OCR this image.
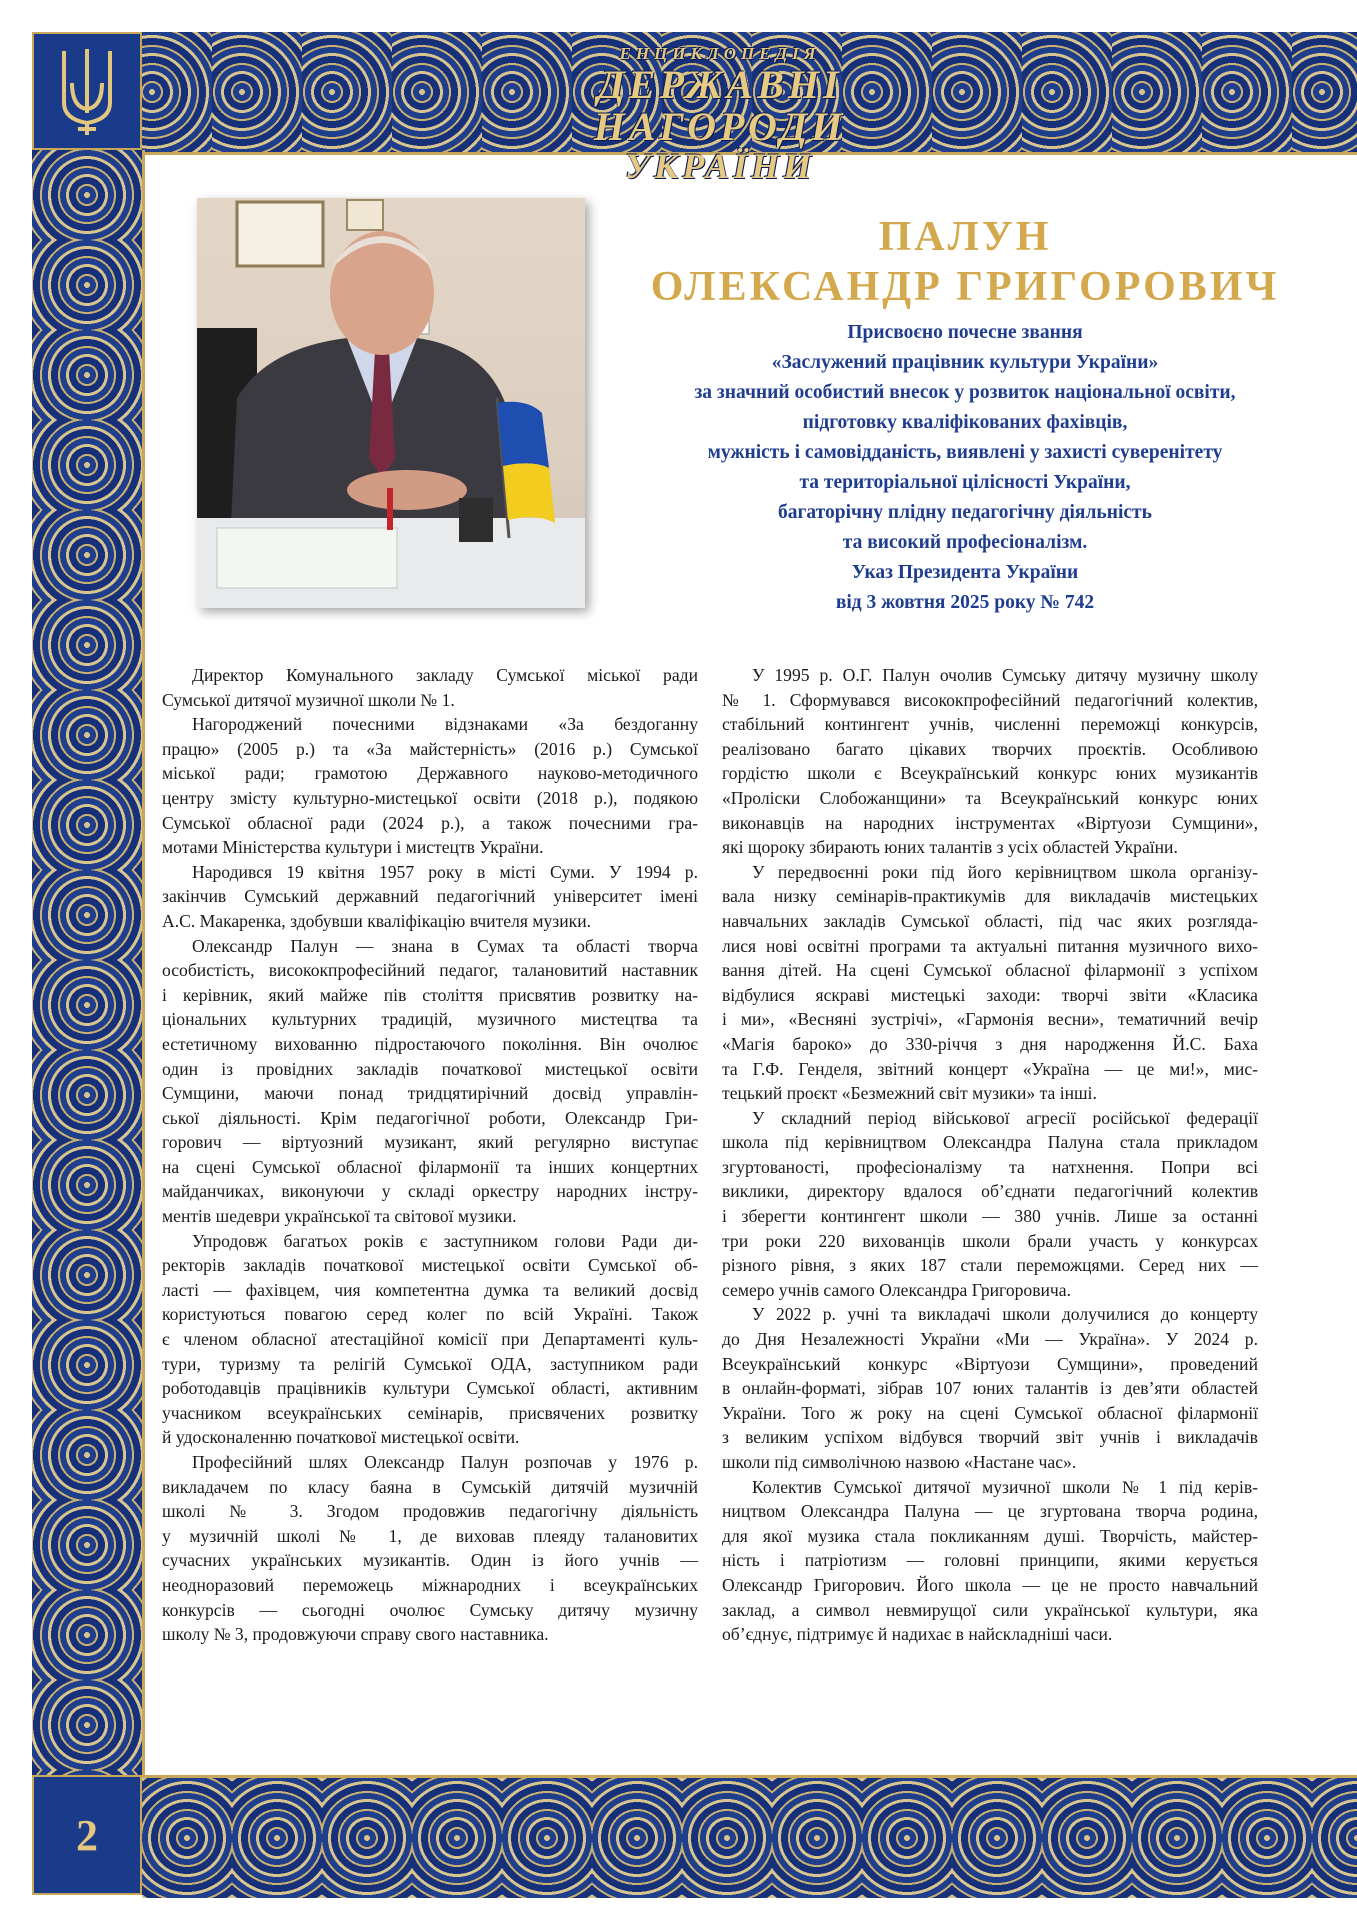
ЕНЦИКЛОПЕДІЯ
ДЕРЖАВНІ НАГОРОДИ
УКРАЇНИ
2
ПАЛУН
ОЛЕКСАНДР ГРИГОРОВИЧ
Присвоєно почесне звання
«Заслужений працівник культури України»
за значний особистий внесок у розвиток національної освіти,
підготовку кваліфікованих фахівців,
мужність і самовідданість, виявлені у захисті суверенітету
та територіальної цілісності України,
багаторічну плідну педагогічну діяльність
та високий професіоналізм.
Указ Президента України
від 3 жовтня 2025 року № 742
Директор Комунального закладу Сумської міської ради
Сумської дитячої музичної школи № 1.
Нагороджений почесними відзнаками «За бездоганну
працю» (2005 р.) та «За майстерність» (2016 р.) Сумської
міської ради; грамотою Державного науково-методичного
центру змісту культурно-мистецької освіти (2018 р.), подякою
Сумської обласної ради (2024 р.), а також почесними гра-
мотами Міністерства культури і мистецтв України.
Народився 19 квітня 1957 року в місті Суми. У 1994 р.
закінчив Сумський державний педагогічний університет імені
А.С. Макаренка, здобувши кваліфікацію вчителя музики.
Олександр Палун — знана в Сумах та області творча
особистість, висококпрофесійний педагог, талановитий наставник
і керівник, який майже пів століття присвятив розвитку на-
ціональних культурних традицій, музичного мистецтва та
естетичному вихованню підростаючого покоління. Він очолює
один із провідних закладів початкової мистецької освіти
Сумщини, маючи понад тридцятирічний досвід управлін-
ської діяльності. Крім педагогічної роботи, Олександр Гри-
горович — віртуозний музикант, який регулярно виступає
на сцені Сумської обласної філармонії та інших концертних
майданчиках, виконуючи у складі оркестру народних інстру-
ментів шедеври української та світової музики.
Упродовж багатьох років є заступником голови Ради ди-
ректорів закладів початкової мистецької освіти Сумської об-
ласті — фахівцем, чия компетентна думка та великий досвід
користуються повагою серед колег по всій Україні. Також
є членом обласної атестаційної комісії при Департаменті куль-
тури, туризму та релігій Сумської ОДА, заступником ради
роботодавців працівників культури Сумської області, активним
учасником всеукраїнських семінарів, присвячених розвитку
й удосконаленню початкової мистецької освіти.
Професійний шлях Олександр Палун розпочав у 1976 р.
викладачем по класу баяна в Сумській дитячій музичній
школі № 3. Згодом продовжив педагогічну діяльність
у музичній школі № 1, де виховав плеяду талановитих
сучасних українських музикантів. Один із його учнів —
неодноразовий переможець міжнародних і всеукраїнських
конкурсів — сьогодні очолює Сумську дитячу музичну
школу № 3, продовжуючи справу свого наставника.
У 1995 р. О.Г. Палун очолив Сумську дитячу музичну школу
№ 1. Сформувався висококпрофесійний педагогічний колектив,
стабільний контингент учнів, численні переможці конкурсів,
реалізовано багато цікавих творчих проєктів. Особливою
гордістю школи є Всеукраїнський конкурс юних музикантів
«Проліски Слобожанщини» та Всеукраїнський конкурс юних
виконавців на народних інструментах «Віртуози Сумщини»,
які щороку збирають юних талантів з усіх областей України.
У передвоєнні роки під його керівництвом школа організу-
вала низку семінарів-практикумів для викладачів мистецьких
навчальних закладів Сумської області, під час яких розгляда-
лися нові освітні програми та актуальні питання музичного вихо-
вання дітей. На сцені Сумської обласної філармонії з успіхом
відбулися яскраві мистецькі заходи: творчі звіти «Класика
і ми», «Весняні зустрічі», «Гармонія весни», тематичний вечір
«Магія бароко» до 330-річчя з дня народження Й.С. Баха
та Г.Ф. Генделя, звітний концерт «Україна — це ми!», мис-
тецький проєкт «Безмежний світ музики» та інші.
У складний період військової агресії російської федерації
школа під керівництвом Олександра Палуна стала прикладом
згуртованості, професіоналізму та натхнення. Попри всі
виклики, директору вдалося об’єднати педагогічний колектив
і зберегти контингент школи — 380 учнів. Лише за останні
три роки 220 вихованців школи брали участь у конкурсах
різного рівня, з яких 187 стали переможцями. Серед них —
семеро учнів самого Олександра Григоровича.
У 2022 р. учні та викладачі школи долучилися до концерту
до Дня Незалежності України «Ми — Україна». У 2024 р.
Всеукраїнський конкурс «Віртуози Сумщини», проведений
в онлайн-форматі, зібрав 107 юних талантів із дев’яти областей
України. Того ж року на сцені Сумської обласної філармонії
з великим успіхом відбувся творчий звіт учнів і викладачів
школи під символічною назвою «Настане час».
Колектив Сумської дитячої музичної школи № 1 під керів-
ництвом Олександра Палуна — це згуртована творча родина,
для якої музика стала покликанням душі. Творчість, майстер-
ність і патріотизм — головні принципи, якими керується
Олександр Григорович. Його школа — це не просто навчальний
заклад, а символ невмирущої сили української культури, яка
об’єднує, підтримує й надихає в найскладніші часи.
